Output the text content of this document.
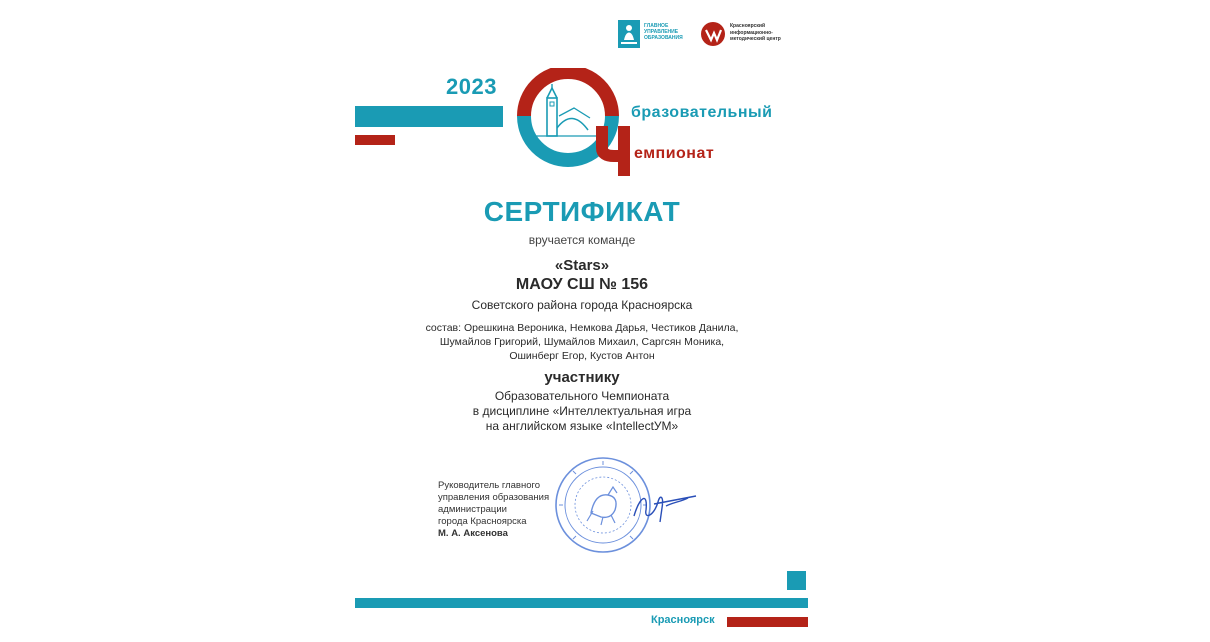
ГЛАВНОЕ
УПРАВЛЕНИЕ
ОБРАЗОВАНИЯ
Красноярский
информационно-
методический центр
2023
бразовательный
емпионат
СЕРТИФИКАТ
вручается команде
«Stars»
МАОУ СШ № 156
Советского района города Красноярска
состав: Орешкина Вероника, Немкова Дарья, Честиков Данила,
Шумайлов Григорий, Шумайлов Михаил, Саргсян Моника,
Ошинберг Егор, Кустов Антон
участнику
Образовательного Чемпионата
в дисциплине «Интеллектуальная игра
на английском языке «IntellectУМ»
Руководитель главного
управления образования
администрации
города Красноярска
М. А. Аксенова
Красноярск
